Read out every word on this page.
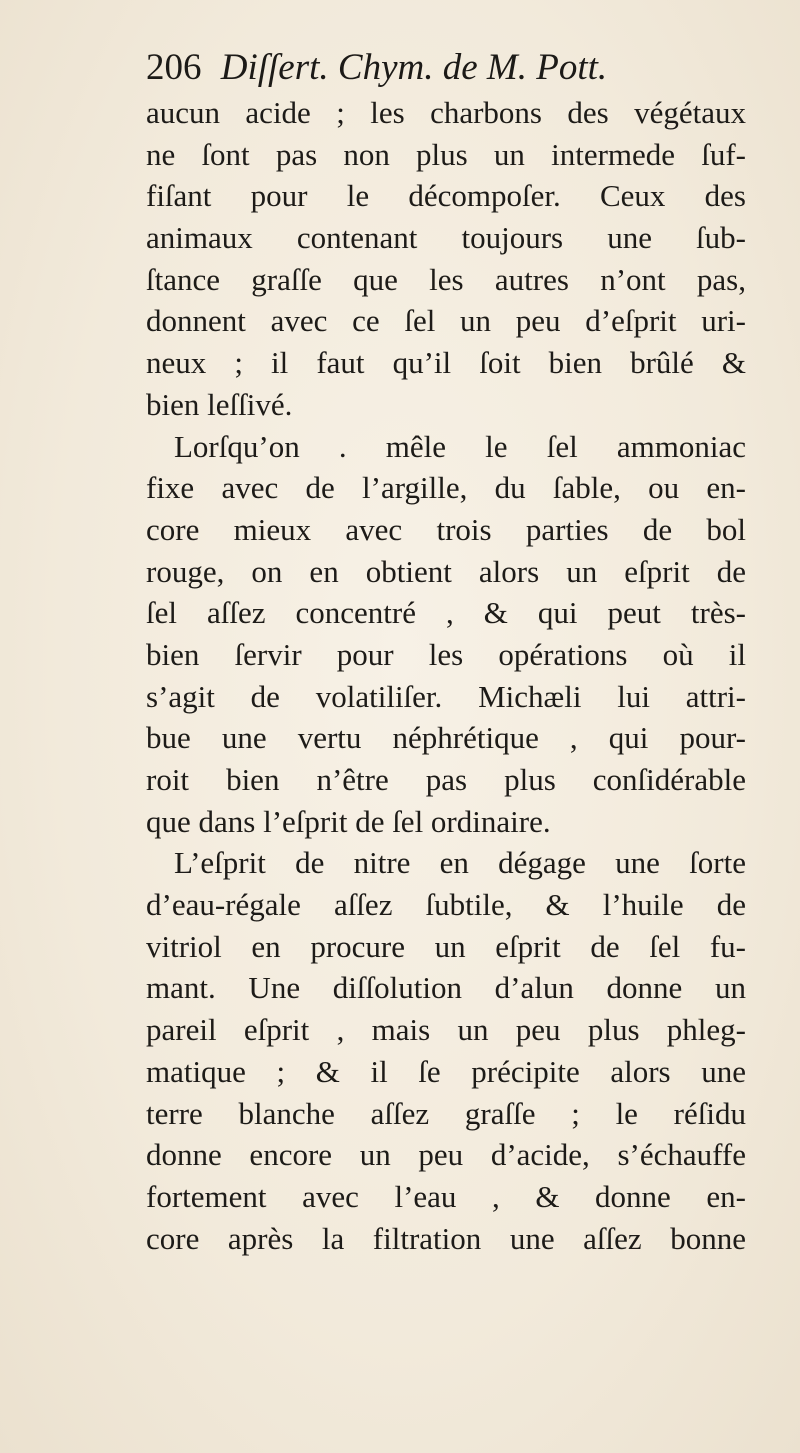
206 Diſſert. Chym. de M. Pott.
aucun acide ; les charbons des végétaux
ne ſont pas non plus un intermede ſuf-
fiſant pour le décompoſer. Ceux des
animaux contenant toujours une ſub-
ſtance graſſe que les autres n’ont pas,
donnent avec ce ſel un peu d’eſprit uri-
neux ; il faut qu’il ſoit bien brûlé &
bien leſſivé.
Lorſqu’on . mêle le ſel ammoniac
fixe avec de l’argille, du ſable, ou en-
core mieux avec trois parties de bol
rouge, on en obtient alors un eſprit de
ſel aſſez concentré , & qui peut très-
bien ſervir pour les opérations où il
s’agit de volatiliſer. Michæli lui attri-
bue une vertu néphrétique , qui pour-
roit bien n’être pas plus conſidérable
que dans l’eſprit de ſel ordinaire.
L’eſprit de nitre en dégage une ſorte
d’eau-régale aſſez ſubtile, & l’huile de
vitriol en procure un eſprit de ſel fu-
mant. Une diſſolution d’alun donne un
pareil eſprit , mais un peu plus phleg-
matique ; & il ſe précipite alors une
terre blanche aſſez graſſe ; le réſidu
donne encore un peu d’acide, s’échauffe
fortement avec l’eau , & donne en-
core après la filtration une aſſez bonne
